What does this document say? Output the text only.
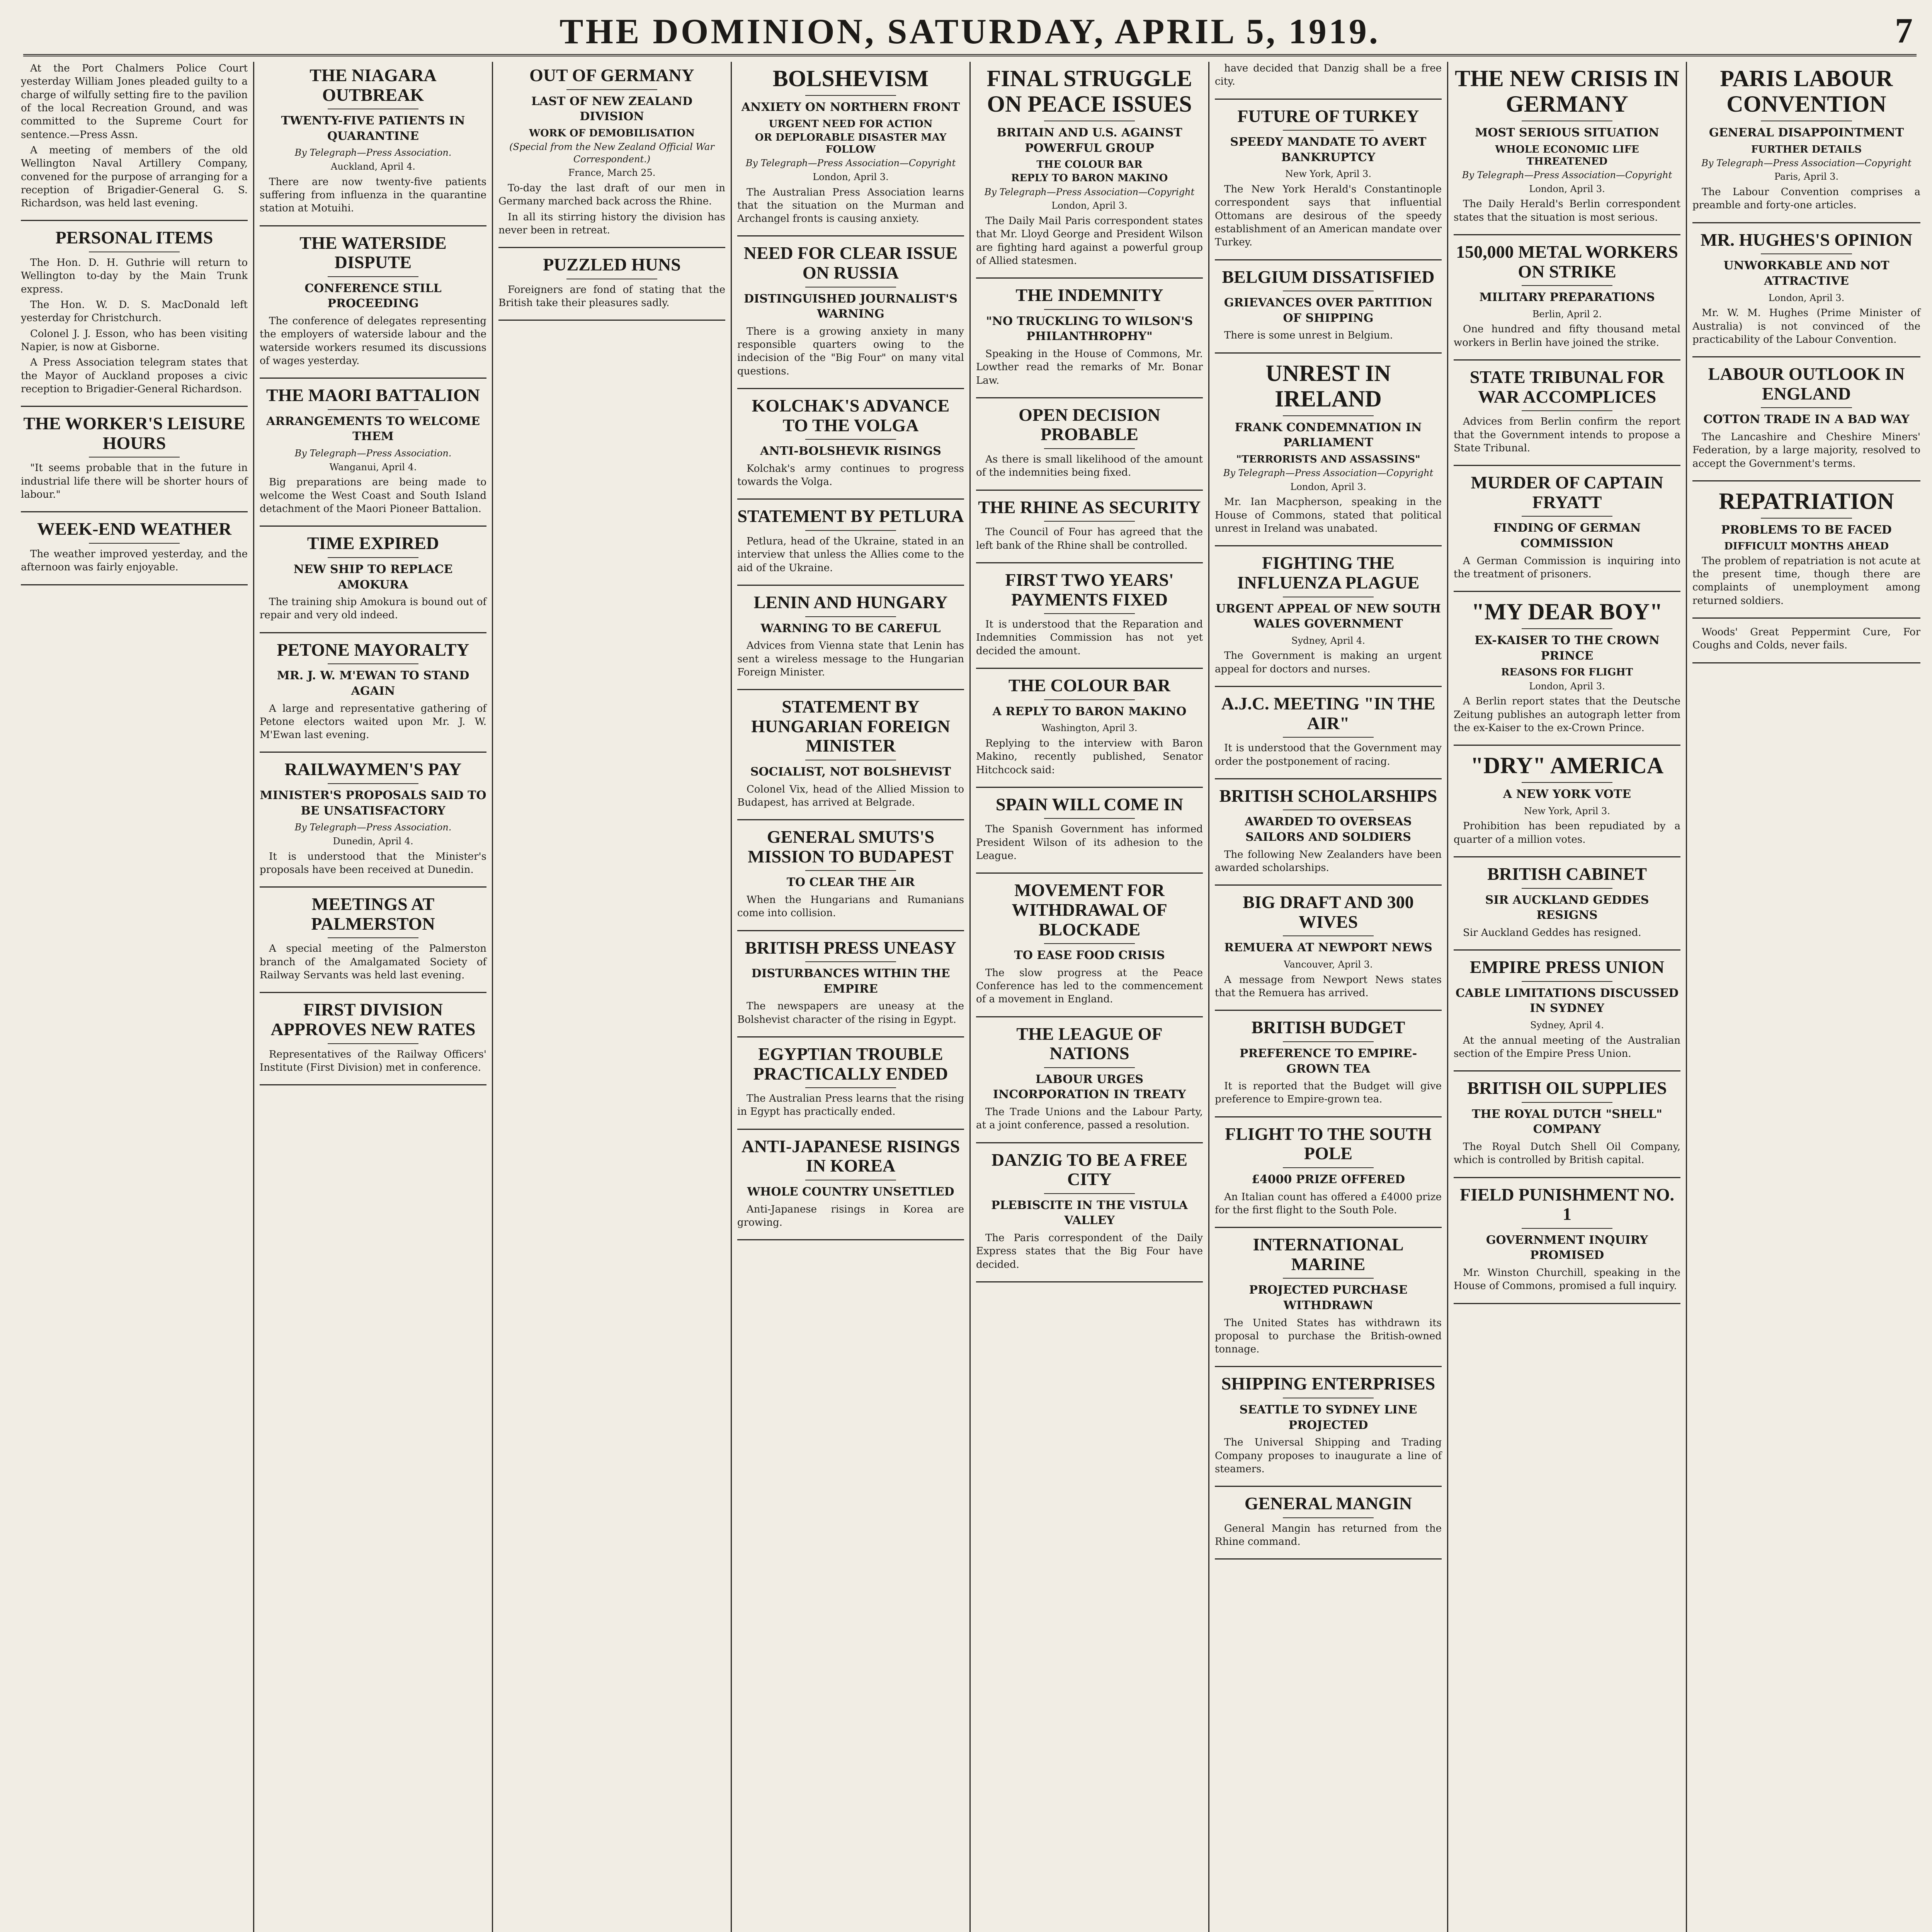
THE DOMINION, SATURDAY, APRIL 5, 1919.	7

At the Port Chalmers Police Court yesterday William Jones pleaded guilty to a charge of wilfully setting fire to the pavilion of the local Recreation Ground, and was committed to the Supreme Court for sentence.—Press Assn.

A meeting of members of the old Wellington Naval Artillery Company, convened for the purpose of arranging for a reception of Brigadier-General G. S. Richardson, was held last evening.

PERSONAL ITEMS

The Hon. D. H. Guthrie will return to Wellington to-day by the Main Trunk express.

The Hon. W. D. S. MacDonald left yesterday for Christchurch.

Colonel J. J. Esson, who has been visiting Napier, is now at Gisborne.

A Press Association telegram states that the Mayor of Auckland proposes a civic reception to Brigadier-General Richardson.

THE WORKER'S LEISURE HOURS

"It seems probable that in the future in industrial life there will be shorter hours of labour."

WEEK-END WEATHER

The weather improved yesterday, and the afternoon was fairly enjoyable.

THE NIAGARA OUTBREAK
TWENTY-FIVE PATIENTS IN QUARANTINE
By Telegraph—Press Association.
Auckland, April 4.

There are now twenty-five patients suffering from influenza in the quarantine station at Motuihi.

THE WATERSIDE DISPUTE
CONFERENCE STILL PROCEEDING

The conference of delegates representing the employers of waterside labour and the waterside workers resumed its discussions of wages yesterday.

THE MAORI BATTALION
ARRANGEMENTS TO WELCOME THEM
By Telegraph—Press Association.
Wanganui, April 4.

Big preparations are being made to welcome the West Coast and South Island detachment of the Maori Pioneer Battalion.

TIME EXPIRED
NEW SHIP TO REPLACE AMOKURA

The training ship Amokura is bound out of repair and very old indeed.

PETONE MAYORALTY
MR. J. W. M'EWAN TO STAND AGAIN

A large and representative gathering of Petone electors waited upon Mr. J. W. M'Ewan last evening.

RAILWAYMEN'S PAY
MINISTER'S PROPOSALS SAID TO BE UNSATISFACTORY
By Telegraph—Press Association.
Dunedin, April 4.

It is understood that the Minister's proposals have been received at Dunedin.

MEETINGS AT PALMERSTON

A special meeting of the Palmerston branch of the Amalgamated Society of Railway Servants was held last evening.

FIRST DIVISION APPROVES NEW RATES

Representatives of the Railway Officers' Institute (First Division) met in conference.

OUT OF GERMANY
LAST OF NEW ZEALAND DIVISION
WORK OF DEMOBILISATION
(Special from the New Zealand Official War Correspondent.)
France, March 25.

To-day the last draft of our men in Germany marched back across the Rhine.

In all its stirring history the division has never been in retreat.

PUZZLED HUNS

Foreigners are fond of stating that the British take their pleasures sadly.

BOLSHEVISM
ANXIETY ON NORTHERN FRONT
URGENT NEED FOR ACTION
OR DEPLORABLE DISASTER MAY FOLLOW
By Telegraph—Press Association—Copyright
London, April 3.

The Australian Press Association learns that the situation on the Murman and Archangel fronts is causing anxiety.

NEED FOR CLEAR ISSUE ON RUSSIA
DISTINGUISHED JOURNALIST'S WARNING

There is a growing anxiety in many responsible quarters owing to the indecision of the "Big Four" on many vital questions.

KOLCHAK'S ADVANCE TO THE VOLGA
ANTI-BOLSHEVIK RISINGS

Kolchak's army continues to progress towards the Volga.

STATEMENT BY PETLURA

Petlura, head of the Ukraine, stated in an interview that unless the Allies come to the aid of the Ukraine.

LENIN AND HUNGARY
WARNING TO BE CAREFUL

Advices from Vienna state that Lenin has sent a wireless message to the Hungarian Foreign Minister.

STATEMENT BY HUNGARIAN FOREIGN MINISTER
SOCIALIST, NOT BOLSHEVIST

Colonel Vix, head of the Allied Mission to Budapest, has arrived at Belgrade.

GENERAL SMUTS'S MISSION TO BUDAPEST
TO CLEAR THE AIR

When the Hungarians and Rumanians come into collision.

BRITISH PRESS UNEASY
DISTURBANCES WITHIN THE EMPIRE

The newspapers are uneasy at the Bolshevist character of the rising in Egypt.

EGYPTIAN TROUBLE PRACTICALLY ENDED

The Australian Press learns that the rising in Egypt has practically ended.

ANTI-JAPANESE RISINGS IN KOREA
WHOLE COUNTRY UNSETTLED

Anti-Japanese risings in Korea are growing.

FINAL STRUGGLE ON PEACE ISSUES
BRITAIN AND U.S. AGAINST POWERFUL GROUP
THE COLOUR BAR
REPLY TO BARON MAKINO
By Telegraph—Press Association—Copyright
London, April 3.

The Daily Mail Paris correspondent states that Mr. Lloyd George and President Wilson are fighting hard against a powerful group of Allied statesmen.

THE INDEMNITY
"NO TRUCKLING TO WILSON'S PHILANTHROPHY"

Speaking in the House of Commons, Mr. Lowther read the remarks of Mr. Bonar Law.

OPEN DECISION PROBABLE

As there is small likelihood of the amount of the indemnities being fixed.

THE RHINE AS SECURITY

The Council of Four has agreed that the left bank of the Rhine shall be controlled.

FIRST TWO YEARS' PAYMENTS FIXED

It is understood that the Reparation and Indemnities Commission has not yet decided the amount.

THE COLOUR BAR
A REPLY TO BARON MAKINO
Washington, April 3.

Replying to the interview with Baron Makino, recently published, Senator Hitchcock said:

SPAIN WILL COME IN

The Spanish Government has informed President Wilson of its adhesion to the League.

MOVEMENT FOR WITHDRAWAL OF BLOCKADE
TO EASE FOOD CRISIS

The slow progress at the Peace Conference has led to the commencement of a movement in England.

THE LEAGUE OF NATIONS
LABOUR URGES INCORPORATION IN TREATY

The Trade Unions and the Labour Party, at a joint conference, passed a resolution.

DANZIG TO BE A FREE CITY
PLEBISCITE IN THE VISTULA VALLEY

The Paris correspondent of the Daily Express states that the Big Four have decided.

have decided that Danzig shall be a free city.

FUTURE OF TURKEY
SPEEDY MANDATE TO AVERT BANKRUPTCY
New York, April 3.

The New York Herald's Constantinople correspondent says that influential Ottomans are desirous of the speedy establishment of an American mandate over Turkey.

BELGIUM DISSATISFIED
GRIEVANCES OVER PARTITION OF SHIPPING

There is some unrest in Belgium.

UNREST IN IRELAND
FRANK CONDEMNATION IN PARLIAMENT
"TERRORISTS AND ASSASSINS"
By Telegraph—Press Association—Copyright
London, April 3.

Mr. Ian Macpherson, speaking in the House of Commons, stated that political unrest in Ireland was unabated.

FIGHTING THE INFLUENZA PLAGUE
URGENT APPEAL OF NEW SOUTH WALES GOVERNMENT
Sydney, April 4.

The Government is making an urgent appeal for doctors and nurses.

A.J.C. MEETING "IN THE AIR"

It is understood that the Government may order the postponement of racing.

BRITISH SCHOLARSHIPS
AWARDED TO OVERSEAS SAILORS AND SOLDIERS

The following New Zealanders have been awarded scholarships.

BIG DRAFT AND 300 WIVES
REMUERA AT NEWPORT NEWS
Vancouver, April 3.

A message from Newport News states that the Remuera has arrived.

BRITISH BUDGET
PREFERENCE TO EMPIRE-GROWN TEA

It is reported that the Budget will give preference to Empire-grown tea.

FLIGHT TO THE SOUTH POLE
£4000 PRIZE OFFERED

An Italian count has offered a £4000 prize for the first flight to the South Pole.

INTERNATIONAL MARINE
PROJECTED PURCHASE WITHDRAWN

The United States has withdrawn its proposal to purchase the British-owned tonnage.

SHIPPING ENTERPRISES
SEATTLE TO SYDNEY LINE PROJECTED

The Universal Shipping and Trading Company proposes to inaugurate a line of steamers.

GENERAL MANGIN

General Mangin has returned from the Rhine command.

THE NEW CRISIS IN GERMANY
MOST SERIOUS SITUATION
WHOLE ECONOMIC LIFE THREATENED
By Telegraph—Press Association—Copyright
London, April 3.

The Daily Herald's Berlin correspondent states that the situation is most serious.

150,000 METAL WORKERS ON STRIKE
MILITARY PREPARATIONS
Berlin, April 2.

One hundred and fifty thousand metal workers in Berlin have joined the strike.

STATE TRIBUNAL FOR WAR ACCOMPLICES

Advices from Berlin confirm the report that the Government intends to propose a State Tribunal.

MURDER OF CAPTAIN FRYATT
FINDING OF GERMAN COMMISSION

A German Commission is inquiring into the treatment of prisoners.

"MY DEAR BOY"
EX-KAISER TO THE CROWN PRINCE
REASONS FOR FLIGHT
London, April 3.

A Berlin report states that the Deutsche Zeitung publishes an autograph letter from the ex-Kaiser to the ex-Crown Prince.

"DRY" AMERICA
A NEW YORK VOTE
New York, April 3.

Prohibition has been repudiated by a quarter of a million votes.

BRITISH CABINET
SIR AUCKLAND GEDDES RESIGNS

Sir Auckland Geddes has resigned.

EMPIRE PRESS UNION
CABLE LIMITATIONS DISCUSSED IN SYDNEY
Sydney, April 4.

At the annual meeting of the Australian section of the Empire Press Union.

BRITISH OIL SUPPLIES
THE ROYAL DUTCH "SHELL" COMPANY

The Royal Dutch Shell Oil Company, which is controlled by British capital.

FIELD PUNISHMENT NO. 1
GOVERNMENT INQUIRY PROMISED

Mr. Winston Churchill, speaking in the House of Commons, promised a full inquiry.

PARIS LABOUR CONVENTION
GENERAL DISAPPOINTMENT
FURTHER DETAILS
By Telegraph—Press Association—Copyright
Paris, April 3.

The Labour Convention comprises a preamble and forty-one articles.

MR. HUGHES'S OPINION
UNWORKABLE AND NOT ATTRACTIVE
London, April 3.

Mr. W. M. Hughes (Prime Minister of Australia) is not convinced of the practicability of the Labour Convention.

LABOUR OUTLOOK IN ENGLAND
COTTON TRADE IN A BAD WAY

The Lancashire and Cheshire Miners' Federation, by a large majority, resolved to accept the Government's terms.

REPATRIATION
PROBLEMS TO BE FACED
DIFFICULT MONTHS AHEAD

The problem of repatriation is not acute at the present time, though there are complaints of unemployment among returned soldiers.

Woods' Great Peppermint Cure, For Coughs and Colds, never fails.
